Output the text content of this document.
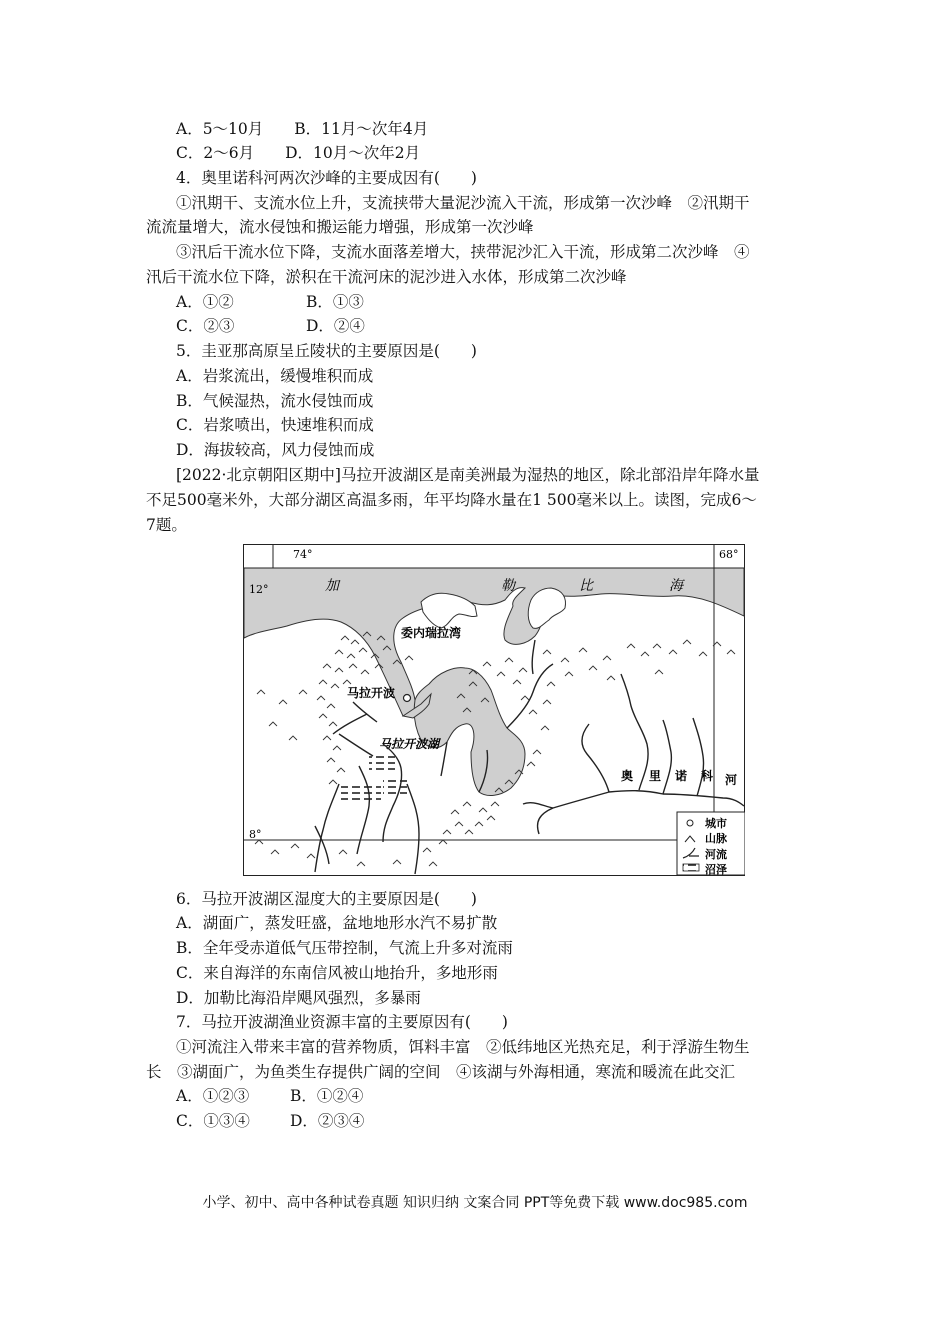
A．5～10月　　B．11月～次年4月
C．2～6月　　D．10月～次年2月
4．奥里诺科河两次沙峰的主要成因有(　　)
①汛期干、支流水位上升，支流挟带大量泥沙流入干流，形成第一次沙峰　②汛期干
流流量增大，流水侵蚀和搬运能力增强，形成第一次沙峰
③汛后干流水位下降，支流水面落差增大，挟带泥沙汇入干流，形成第二次沙峰　④
汛后干流水位下降，淤积在干流河床的泥沙进入水体，形成第二次沙峰
A．①②	B．①③
C．②③	D．②④
5．圭亚那高原呈丘陵状的主要原因是(　　)
A．岩浆流出，缓慢堆积而成
B．气候湿热，流水侵蚀而成
C．岩浆喷出，快速堆积而成
D．海拔较高，风力侵蚀而成
[2022·北京朝阳区期中]马拉开波湖区是南美洲最为湿热的地区，除北部沿岸年降水量
不足500毫米外，大部分湖区高温多雨，年平均降水量在1 500毫米以上。读图，完成6～
7题。
74°	68°
12°
8°
加	勒	比	海
委内瑞拉湾
马拉开波
马拉开波湖
奥 里 诺 科 河
城市
山脉
河流
沼泽
6．马拉开波湖区湿度大的主要原因是(　　)
A．湖面广，蒸发旺盛，盆地地形水汽不易扩散
B．全年受赤道低气压带控制，气流上升多对流雨
C．来自海洋的东南信风被山地抬升，多地形雨
D．加勒比海沿岸飓风强烈，多暴雨
7．马拉开波湖渔业资源丰富的主要原因有(　　)
①河流注入带来丰富的营养物质，饵料丰富　②低纬地区光热充足，利于浮游生物生
长　③湖面广，为鱼类生存提供广阔的空间　④该湖与外海相通，寒流和暖流在此交汇
A．①②③	B．①②④
C．①③④	D．②③④
小学、初中、高中各种试卷真题 知识归纳 文案合同 PPT等免费下载 www.doc985.com
